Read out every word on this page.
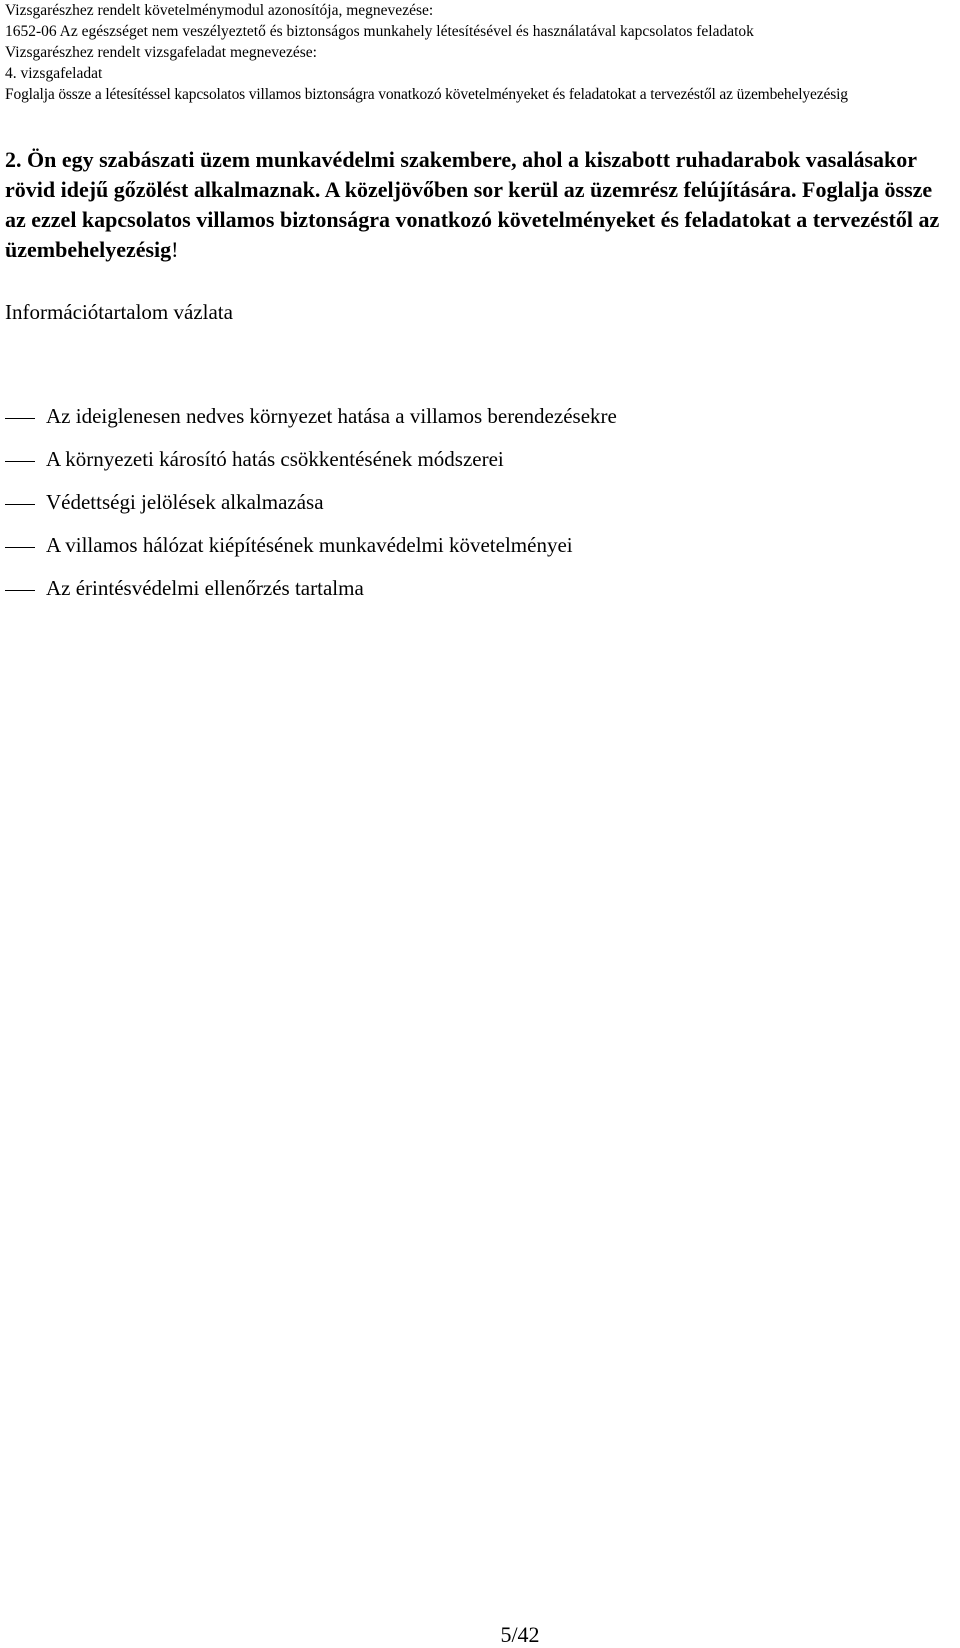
Vizsgarészhez rendelt követelménymodul azonosítója, megnevezése:
1652-06 Az egészséget nem veszélyeztető és biztonságos munkahely létesítésével és használatával kapcsolatos feladatok
Vizsgarészhez rendelt vizsgafeladat megnevezése:
4. vizsgafeladat
Foglalja össze a létesítéssel kapcsolatos villamos biztonságra vonatkozó követelményeket és feladatokat a tervezéstől az üzembehelyezésig
2. Ön egy szabászati üzem munkavédelmi szakembere, ahol a kiszabott ruhadarabok vasalásakor rövid idejű gőzölést alkalmaznak. A közeljövőben sor kerül az üzemrész felújítására. Foglalja össze az ezzel kapcsolatos villamos biztonságra vonatkozó követelményeket és feladatokat a tervezéstől az üzembehelyezésig!
Információtartalom vázlata
Az ideiglenesen nedves környezet hatása a villamos berendezésekre
A környezeti károsító hatás csökkentésének módszerei
Védettségi jelölések alkalmazása
A villamos hálózat kiépítésének munkavédelmi követelményei
Az érintésvédelmi ellenőrzés tartalma
5/42
